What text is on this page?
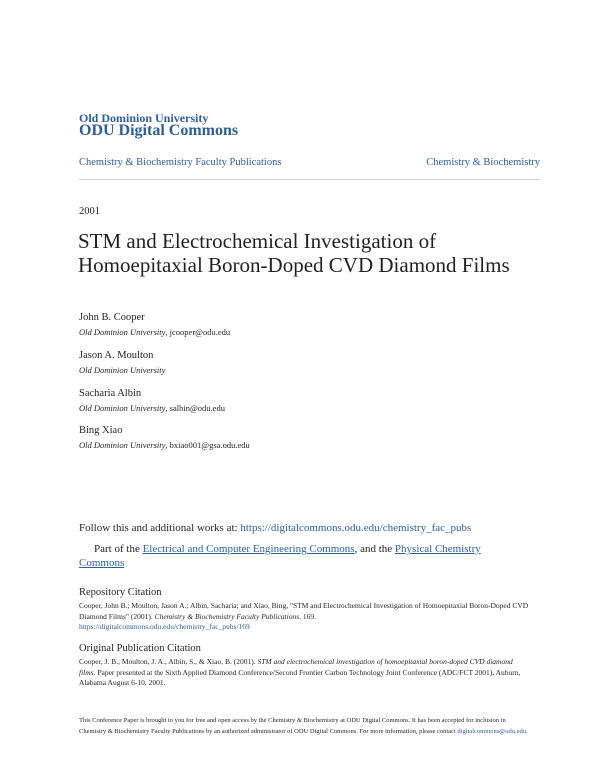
Old Dominion University
ODU Digital Commons
Chemistry & Biochemistry Faculty Publications	Chemistry & Biochemistry
2001
STM and Electrochemical Investigation of Homoepitaxial Boron-Doped CVD Diamond Films
John B. Cooper
Old Dominion University, jcooper@odu.edu
Jason A. Moulton
Old Dominion University
Sacharia Albin
Old Dominion University, salbin@odu.edu
Bing Xiao
Old Dominion University, bxiao001@gsa.odu.edu
Follow this and additional works at: https://digitalcommons.odu.edu/chemistry_fac_pubs
Part of the Electrical and Computer Engineering Commons, and the Physical Chemistry Commons
Repository Citation
Cooper, John B.; Moulton, Jason A.; Albin, Sacharia; and Xiao, Bing, "STM and Electrochemical Investigation of Homoepitaxial Boron-Doped CVD Diamond Films" (2001). Chemistry & Biochemistry Faculty Publications. 169.
https://digitalcommons.odu.edu/chemistry_fac_pubs/169
Original Publication Citation
Cooper, J. B., Moulton, J. A., Albin, S., & Xiao, B. (2001). STM and electrochemical investigation of homoepitaxial boron-doped CVD diamond films. Paper presented at the Sixth Applied Diamond Conference/Second Frontier Carbon Technology Joint Conference (ADC/FCT 2001), Auburn, Alabama August 6-10, 2001.
This Conference Paper is brought to you for free and open access by the Chemistry & Biochemistry at ODU Digital Commons. It has been accepted for inclusion in Chemistry & Biochemistry Faculty Publications by an authorized administrator of ODU Digital Commons. For more information, please contact digitalcommons@odu.edu.
